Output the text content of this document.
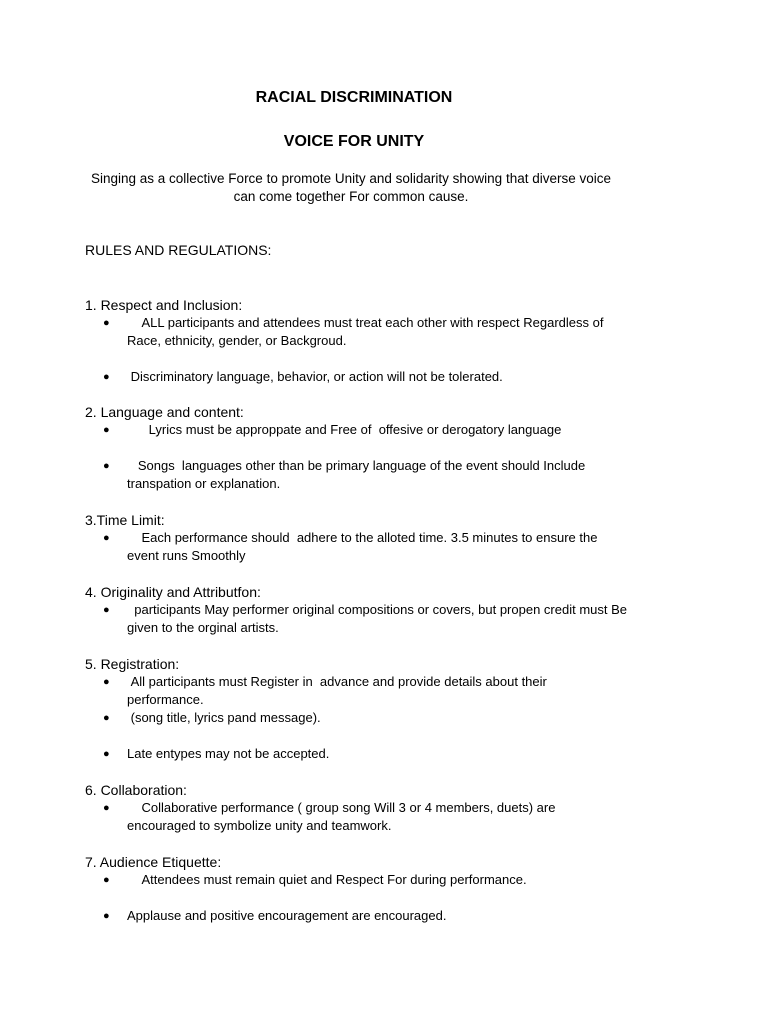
RACIAL DISCRIMINATION
VOICE FOR UNITY
Singing as a collective Force to promote Unity and solidarity showing that diverse voice can come together For common cause.
RULES AND REGULATIONS:
1. Respect and Inclusion:
● ALL participants and attendees must treat each other with respect Regardless of Race, ethnicity, gender, or Backgroud.
● Discriminatory language, behavior, or action will not be tolerated.
2. Language and content:
● Lyrics must be approppate and Free of  offesive or derogatory language
● Songs  languages other than be primary language of the event should Include transpation or explanation.
3.Time Limit:
● Each performance should  adhere to the alloted time. 3.5 minutes to ensure the event runs Smoothly
4. Originality and Attributfon:
● participants May performer original compositions or covers, but propen credit must Be given to the orginal artists.
5. Registration:
● All participants must Register in  advance and provide details about their performance.
● (song title, lyrics pand message).
● Late entypes may not be accepted.
6. Collaboration:
● Collaborative performance ( group song Will 3 or 4 members, duets) are encouraged to symbolize unity and teamwork.
7. Audience Etiquette:
● Attendees must remain quiet and Respect For during performance.
● Applause and positive encouragement are encouraged.
